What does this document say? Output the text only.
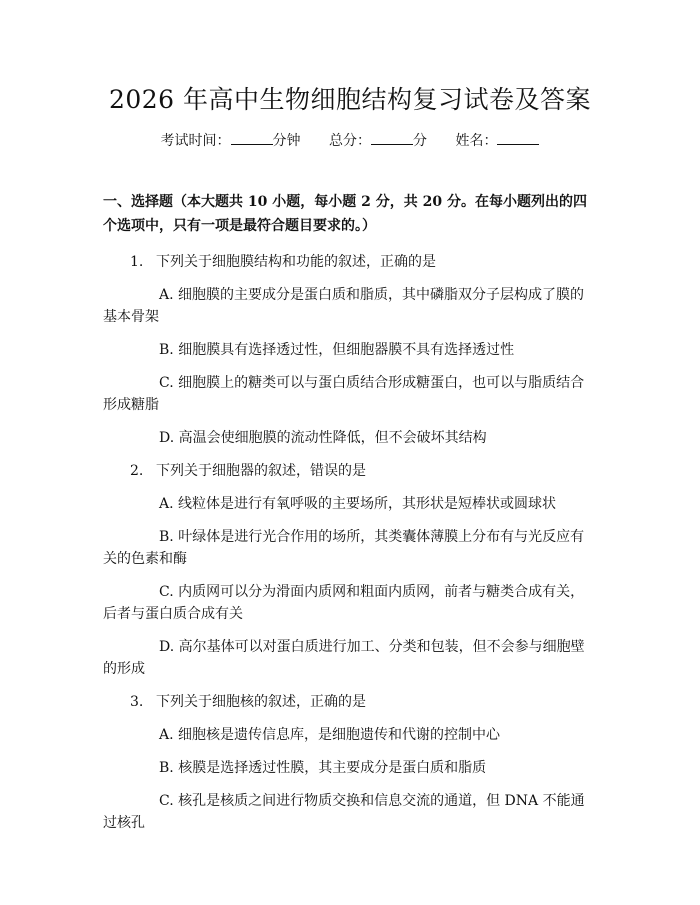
2026 年高中生物细胞结构复习试卷及答案
考试时间：	分钟 总分：	分 姓名：
一、选择题（本大题共 10 小题，每小题 2 分，共 20 分。在每小题列出的四个选项中，只有一项是最符合题目要求的。）
1. 下列关于细胞膜结构和功能的叙述，正确的是
A. 细胞膜的主要成分是蛋白质和脂质，其中磷脂双分子层构成了膜的基本骨架
B. 细胞膜具有选择透过性，但细胞器膜不具有选择透过性
C. 细胞膜上的糖类可以与蛋白质结合形成糖蛋白，也可以与脂质结合形成糖脂
D. 高温会使细胞膜的流动性降低，但不会破坏其结构
2. 下列关于细胞器的叙述，错误的是
A. 线粒体是进行有氧呼吸的主要场所，其形状是短棒状或圆球状
B. 叶绿体是进行光合作用的场所，其类囊体薄膜上分布有与光反应有关的色素和酶
C. 内质网可以分为滑面内质网和粗面内质网，前者与糖类合成有关，后者与蛋白质合成有关
D. 高尔基体可以对蛋白质进行加工、分类和包装，但不会参与细胞壁的形成
3. 下列关于细胞核的叙述，正确的是
A. 细胞核是遗传信息库，是细胞遗传和代谢的控制中心
B. 核膜是选择透过性膜，其主要成分是蛋白质和脂质
C. 核孔是核质之间进行物质交换和信息交流的通道，但 DNA 不能通过核孔
